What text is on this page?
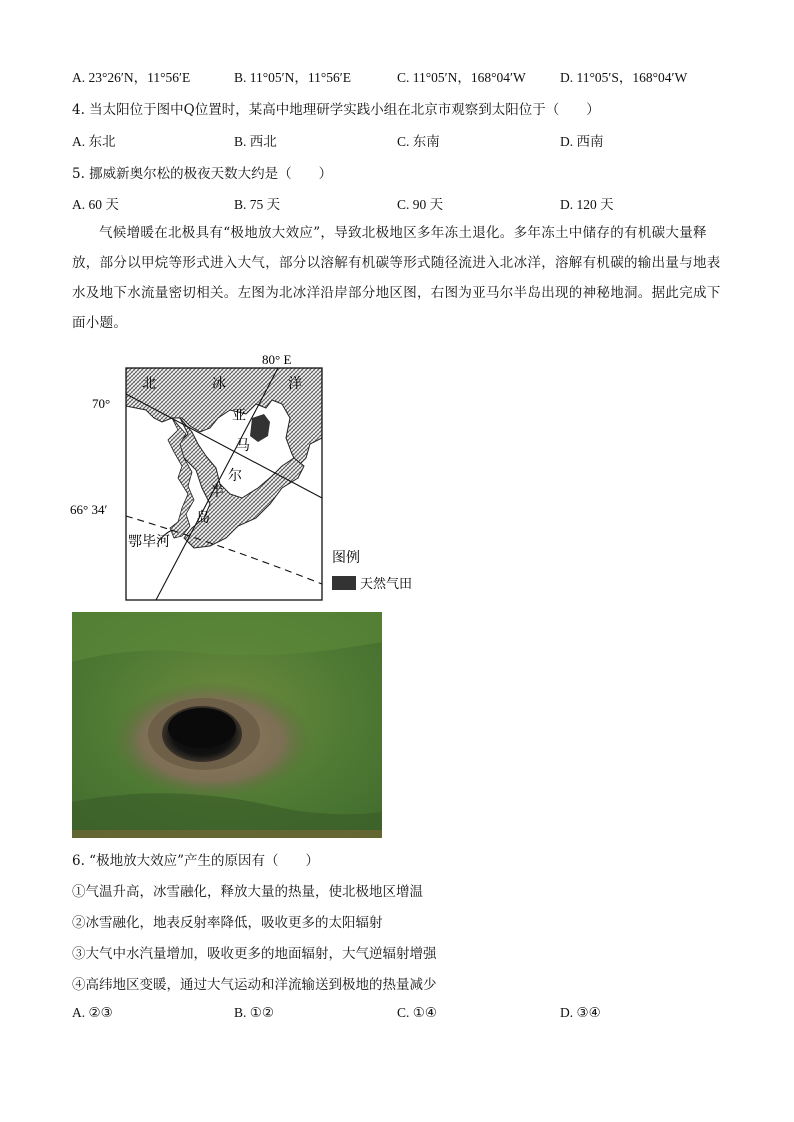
A. 23°26′N，11°56′E	B. 11°05′N，11°56′E	C. 11°05′N，168°04′W	D. 11°05′S，168°04′W
4. 当太阳位于图中Q位置时，某高中地理研学实践小组在北京市观察到太阳位于（　　）
A. 东北	B. 西北	C. 东南	D. 西南
5. 挪威新奥尔松的极夜天数大约是（　　）
A. 60 天	B. 75 天	C. 90 天	D. 120 天
气候增暖在北极具有“极地放大效应”，导致北极地区多年冻土退化。多年冻土中储存的有机碳大量释放，部分以甲烷等形式进入大气，部分以溶解有机碳等形式随径流进入北冰洋，溶解有机碳的输出量与地表水及地下水流量密切相关。左图为北冰洋沿岸部分地区图，右图为亚马尔半岛出现的神秘地洞。据此完成下面小题。
北	冰	洋
亚
马
尔
半
岛
80° E
70°
66° 34′
鄂毕河
图例
天然气田
6. “极地放大效应”产生的原因有（　　）
①气温升高，冰雪融化，释放大量的热量，使北极地区增温
②冰雪融化，地表反射率降低，吸收更多的太阳辐射
③大气中水汽量增加，吸收更多的地面辐射，大气逆辐射增强
④高纬地区变暖，通过大气运动和洋流输送到极地的热量减少
A. ②③	B. ①②	C. ①④	D. ③④
